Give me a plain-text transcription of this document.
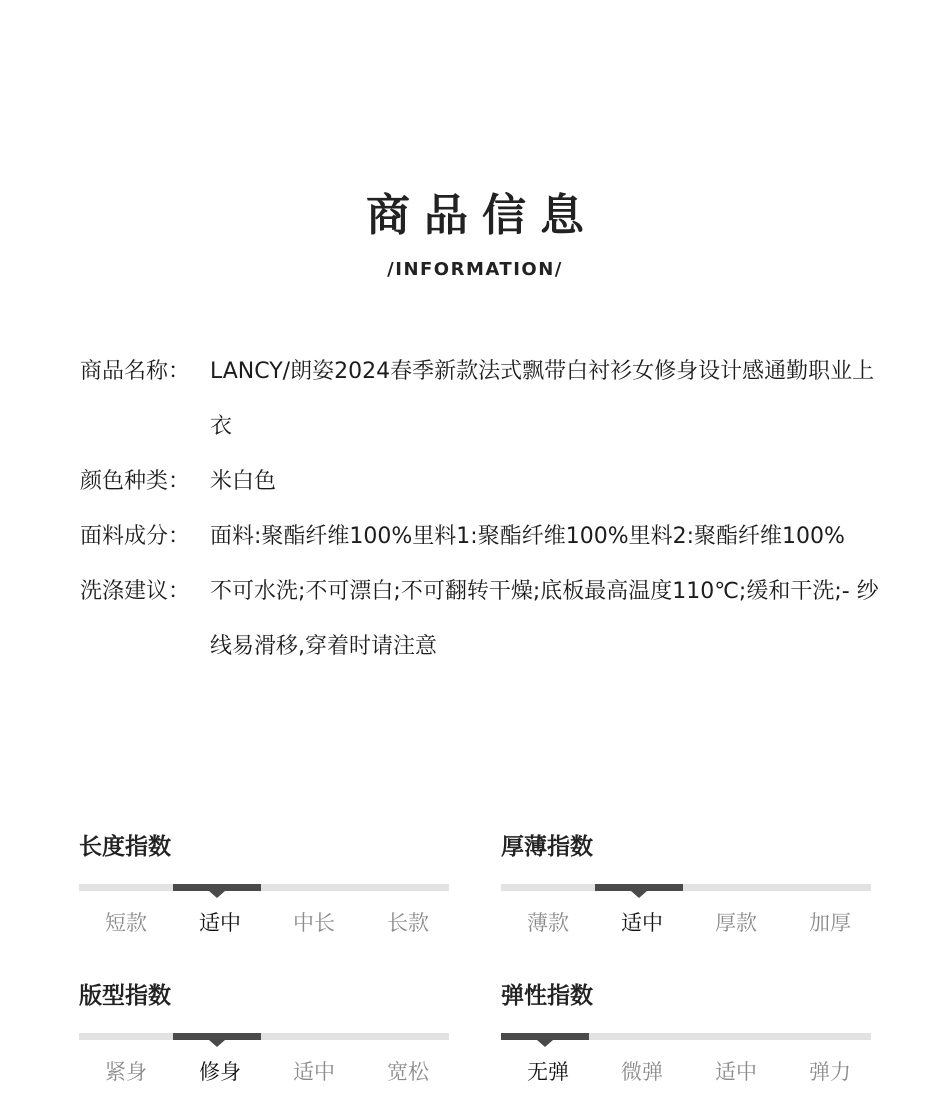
商品信息
/INFORMATION/
商品名称： LANCY/朗姿2024春季新款法式飘带白衬衫女修身设计感通勤职业上衣
颜色种类： 米白色
面料成分： 面料:聚酯纤维100%里料1:聚酯纤维100%里料2:聚酯纤维100%
洗涤建议： 不可水洗;不可漂白;不可翻转干燥;底板最高温度110℃;缓和干洗;- 纱线易滑移,穿着时请注意
长度指数
短款	适中	中长	长款
厚薄指数
薄款	适中	厚款	加厚
版型指数
紧身	修身	适中	宽松
弹性指数
无弹	微弹	适中	弹力
